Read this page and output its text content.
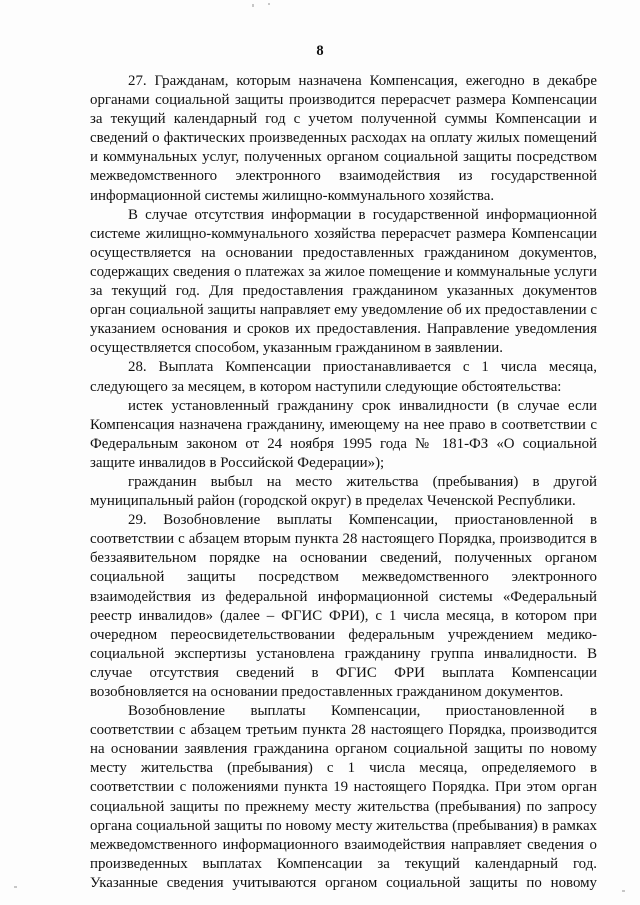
8

27. Гражданам, которым назначена Компенсация, ежегодно в декабре органами социальной защиты производится перерасчет размера Компенсации за текущий календарный год с учетом полученной суммы Компенсации и сведений о фактических произведенных расходах на оплату жилых помещений и коммунальных услуг, полученных органом социальной защиты посредством межведомственного электронного взаимодействия из государственной информационной системы жилищно-коммунального хозяйства.

В случае отсутствия информации в государственной информационной системе жилищно-коммунального хозяйства перерасчет размера Компенсации осуществляется на основании предоставленных гражданином документов, содержащих сведения о платежах за жилое помещение и коммунальные услуги за текущий год. Для предоставления гражданином указанных документов орган социальной защиты направляет ему уведомление об их предоставлении с указанием основания и сроков их предоставления. Направление уведомления осуществляется способом, указанным гражданином в заявлении.

28. Выплата Компенсации приостанавливается с 1 числа месяца, следующего за месяцем, в котором наступили следующие обстоятельства:

истек установленный гражданину срок инвалидности (в случае если Компенсация назначена гражданину, имеющему на нее право в соответствии с Федеральным законом от 24 ноября 1995 года № 181-ФЗ «О социальной защите инвалидов в Российской Федерации»);

гражданин выбыл на место жительства (пребывания) в другой муниципальный район (городской округ) в пределах Чеченской Республики.

29. Возобновление выплаты Компенсации, приостановленной в соответствии с абзацем вторым пункта 28 настоящего Порядка, производится в беззаявительном порядке на основании сведений, полученных органом социальной защиты посредством межведомственного электронного взаимодействия из федеральной информационной системы «Федеральный реестр инвалидов» (далее – ФГИС ФРИ), с 1 числа месяца, в котором при очередном переосвидетельствовании федеральным учреждением медико-социальной экспертизы установлена гражданину группа инвалидности. В случае отсутствия сведений в ФГИС ФРИ выплата Компенсации возобновляется на основании предоставленных гражданином документов.

Возобновление выплаты Компенсации, приостановленной в соответствии с абзацем третьим пункта 28 настоящего Порядка, производится на основании заявления гражданина органом социальной защиты по новому месту жительства (пребывания) с 1 числа месяца, определяемого в соответствии с положениями пункта 19 настоящего Порядка. При этом орган социальной защиты по прежнему месту жительства (пребывания) по запросу органа социальной защиты по новому месту жительства (пребывания) в рамках межведомственного информационного взаимодействия направляет сведения о произведенных выплатах Компенсации за текущий календарный год. Указанные сведения учитываются органом социальной защиты по новому
